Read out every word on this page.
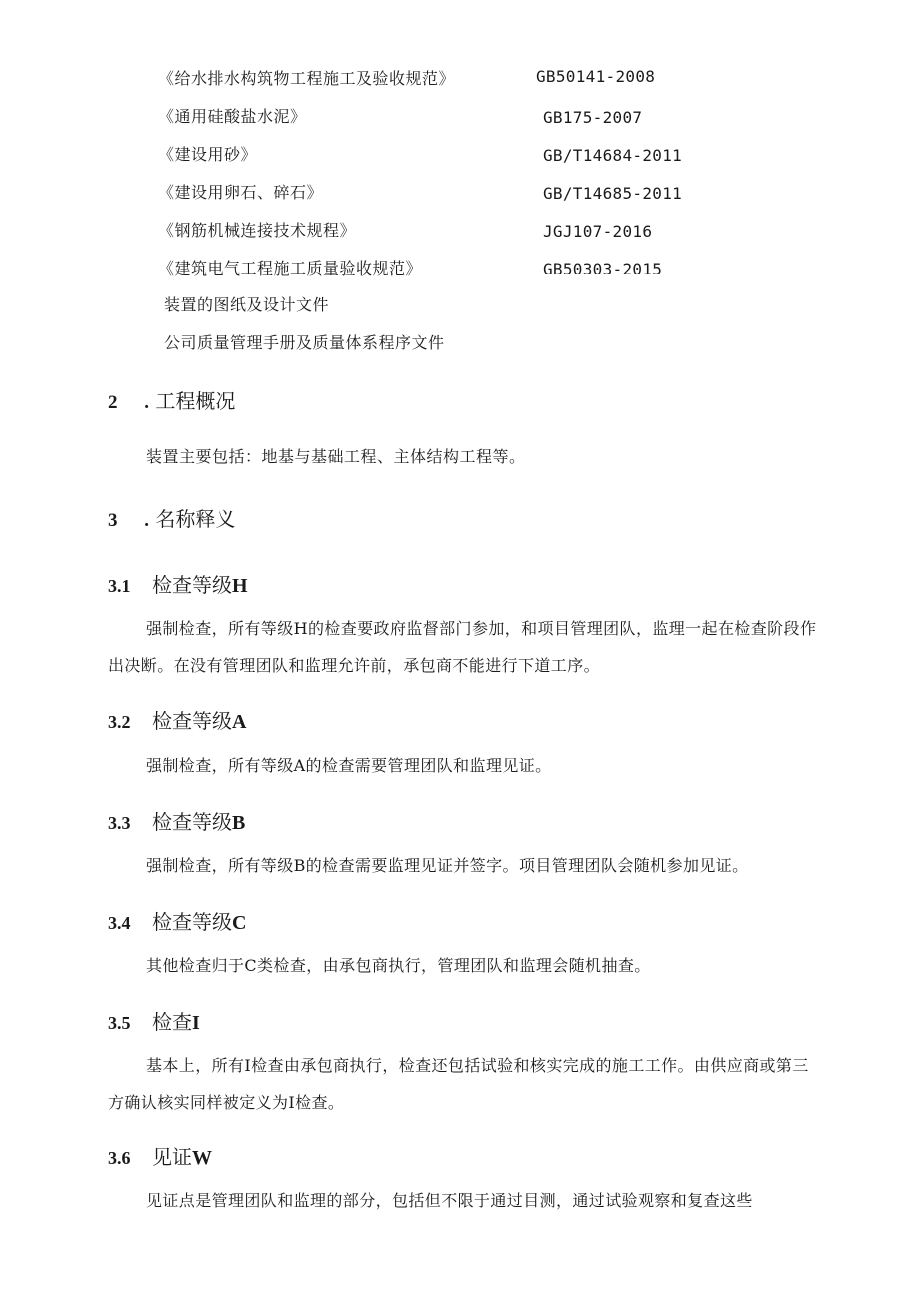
《给水排水构筑物工程施工及验收规范》	GB50141-2008
《通用硅酸盐水泥》	GB175-2007
《建设用砂》	GB/T14684-2011
《建设用卵石、碎石》	GB/T14685-2011
《钢筋机械连接技术规程》	JGJ107-2016
《建筑电气工程施工质量验收规范》	GB50303-2015
装置的图纸及设计文件
公司质量管理手册及质量体系程序文件
2 . 工程概况
装置主要包括：地基与基础工程、主体结构工程等。
3 . 名称释义
3.1 检查等级H
强制检查，所有等级H的检查要政府监督部门参加，和项目管理团队，监理一起在检查阶段作
出决断。在没有管理团队和监理允许前，承包商不能进行下道工序。
3.2 检查等级A
强制检查，所有等级A的检查需要管理团队和监理见证。
3.3 检查等级B
强制检查，所有等级B的检查需要监理见证并签字。项目管理团队会随机参加见证。
3.4 检查等级C
其他检查归于C类检查，由承包商执行，管理团队和监理会随机抽查。
3.5 检查I
基本上，所有I检查由承包商执行，检查还包括试验和核实完成的施工工作。由供应商或第三
方确认核实同样被定义为I检查。
3.6 见证W
见证点是管理团队和监理的部分，包括但不限于通过目测，通过试验观察和复查这些
